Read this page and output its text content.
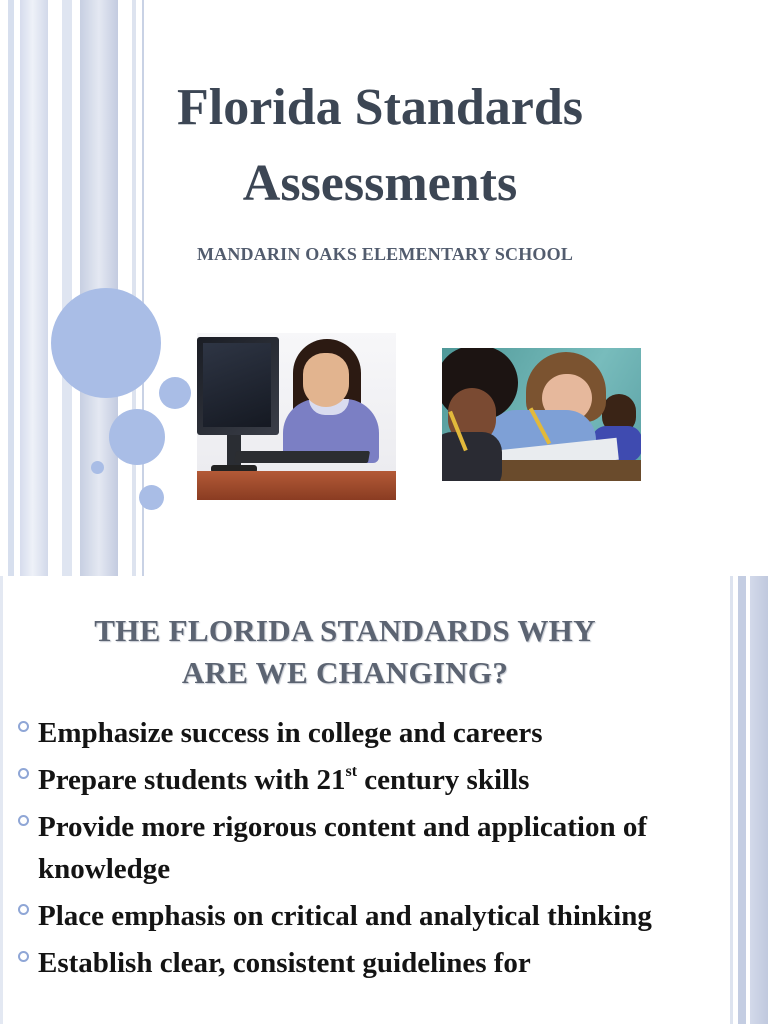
Florida Standards
Assessments
MANDARIN OAKS ELEMENTARY SCHOOL
THE FLORIDA STANDARDS WHY
ARE WE CHANGING?
Emphasize success in college and careers
Prepare students with 21st century skills
Provide more rigorous content and application of knowledge
Place emphasis on critical and analytical thinking
Establish clear, consistent guidelines for
